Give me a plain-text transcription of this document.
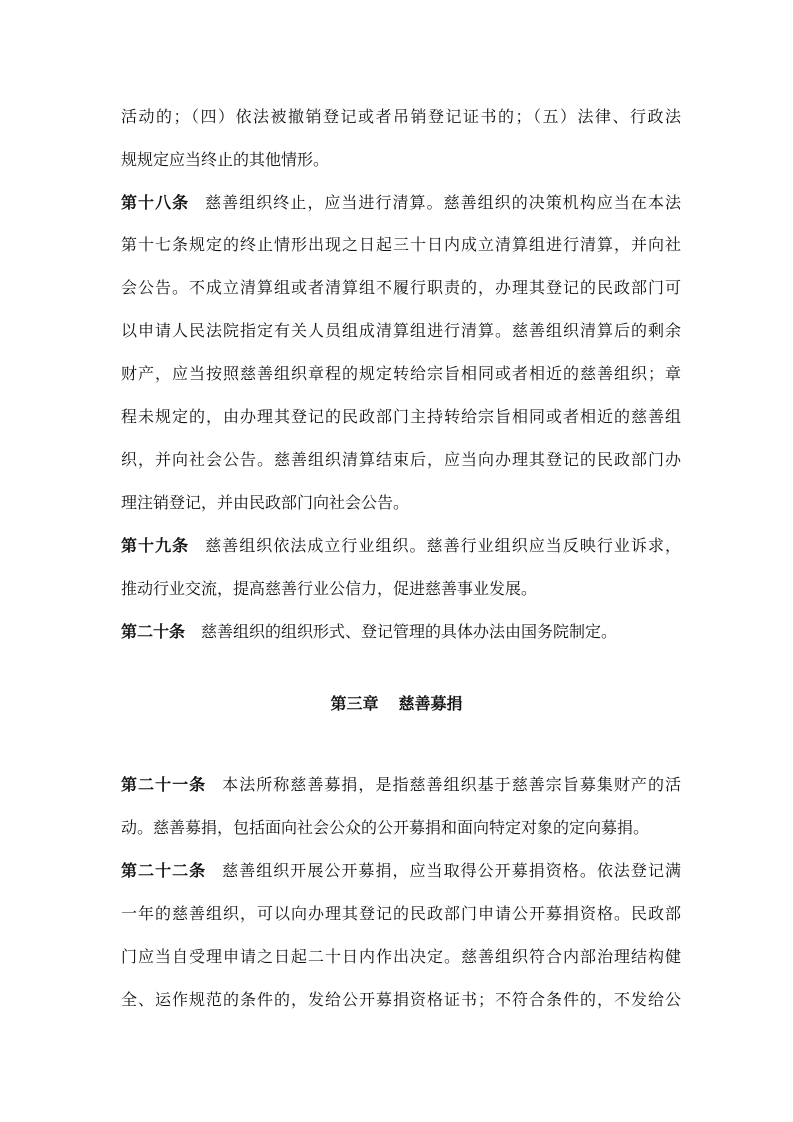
活动的；（四）依法被撤销登记或者吊销登记证书的；（五）法律、行政法
规规定应当终止的其他情形。
第十八条 慈善组织终止，应当进行清算。慈善组织的决策机构应当在本法
第十七条规定的终止情形出现之日起三十日内成立清算组进行清算，并向社
会公告。不成立清算组或者清算组不履行职责的，办理其登记的民政部门可
以申请人民法院指定有关人员组成清算组进行清算。慈善组织清算后的剩余
财产，应当按照慈善组织章程的规定转给宗旨相同或者相近的慈善组织；章
程未规定的，由办理其登记的民政部门主持转给宗旨相同或者相近的慈善组
织，并向社会公告。慈善组织清算结束后，应当向办理其登记的民政部门办
理注销登记，并由民政部门向社会公告。
第十九条 慈善组织依法成立行业组织。慈善行业组织应当反映行业诉求，
推动行业交流，提高慈善行业公信力，促进慈善事业发展。
第二十条 慈善组织的组织形式、登记管理的具体办法由国务院制定。
第三章 慈善募捐
第二十一条 本法所称慈善募捐，是指慈善组织基于慈善宗旨募集财产的活
动。慈善募捐，包括面向社会公众的公开募捐和面向特定对象的定向募捐。
第二十二条 慈善组织开展公开募捐，应当取得公开募捐资格。依法登记满
一年的慈善组织，可以向办理其登记的民政部门申请公开募捐资格。民政部
门应当自受理申请之日起二十日内作出决定。慈善组织符合内部治理结构健
全、运作规范的条件的，发给公开募捐资格证书；不符合条件的，不发给公
